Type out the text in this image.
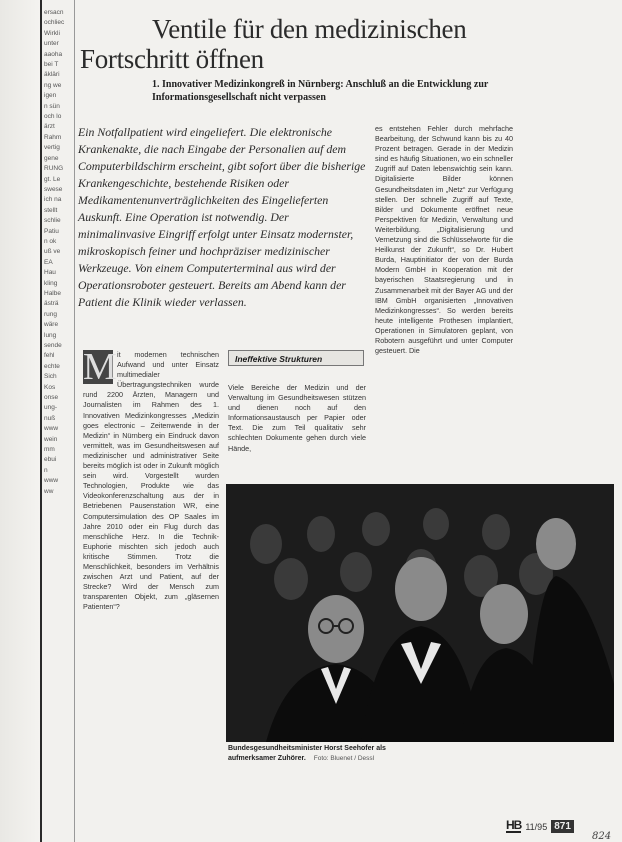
ersacn
ochliec
Wirkli
unter
aaoha
bei T
äkläri
ng we
igen
n sün
och lo
ärzt
Rahm
vertig
gene
RUNG
gt. Le
swese
ich na
stellt
schlie
Patiu
n ok
uß ve
EA
Hau
kling
Halbe
ästrä
rung
wäre
lung
sende
fehl
echte
Sich
Kos
onse
ung-
nuß
www
wein
mm
ebui
n
www
ww
Ventile für den medizinischen
Fortschritt öffnen
1. Innovativer Medizinkongreß in Nürnberg: Anschluß an die Entwicklung zur Informationsgesellschaft nicht verpassen

Ein Notfallpatient wird eingeliefert. Die elektronische Krankenakte, die nach Eingabe der Personalien auf dem Computerbildschirm erscheint, gibt sofort über die bisherige Krankengeschichte, bestehende Risiken oder Medikamentenunverträglichkeiten des Eingelieferten Auskunft. Eine Operation ist notwendig. Der minimalinvasive Eingriff erfolgt unter Einsatz modernster, mikroskopisch feiner und hochpräziser medizinischer Werkzeuge. Von einem Computerterminal aus wird der Operationsroboter gesteuert. Bereits am Abend kann der Patient die Klinik wieder verlassen.

es entstehen Fehler durch mehrfache Bearbeitung, der Schwund kann bis zu 40 Prozent betragen. Gerade in der Medizin sind es häufig Situationen, wo ein schneller Zugriff auf Daten lebenswichtig sein kann. Digitalisierte Bilder können Gesundheitsdaten im „Netz“ zur Verfügung stellen. Der schnelle Zugriff auf Texte, Bilder und Dokumente eröffnet neue Perspektiven für Medizin, Verwaltung und Weiterbildung. „Digitalisierung und Vernetzung sind die Schlüsselworte für die Heilkunst der Zukunft“, so Dr. Hubert Burda, Hauptinitiator der von der Burda Modern GmbH in Kooperation mit der bayerischen Staatsregierung und in Zusammenarbeit mit der Bayer AG und der IBM GmbH organisierten „Innovativen Medizinkongresses“. So werden bereits heute intelligente Prothesen implantiert, Operationen in Simulatoren geplant, von Robotern ausgeführt und unter Computer gesteuert. Die

M it modernen technischen Aufwand und unter Einsatz multimedialer Übertragungstechniken wurde rund 2200 Ärzten, Managern und Journalisten im Rahmen des 1. Innovativen Medizinkongresses „Medizin goes electronic – Zeitenwende in der Medizin“ in Nürnberg ein Eindruck davon vermittelt, was im Gesundheitswesen auf medizinischer und administrativer Seite bereits möglich ist oder in Zukunft möglich sein wird. Vorgestellt wurden Technologien, Produkte wie das Videokonferenzschaltung aus der in Betriebenen Pausenstation WR, eine Computersimulation des OP Saales im Jahre 2010 oder ein Flug durch das menschliche Herz. In die Technik-Euphorie mischten sich jedoch auch kritische Stimmen. Trotz die Menschlichkeit, besonders im Verhältnis zwischen Arzt und Patient, auf der Strecke? Wird der Mensch zum transparenten Objekt, zum „gläsernen Patienten“?

Ineffektive Strukturen

Viele Bereiche der Medizin und der Verwaltung im Gesundheitswesen stützen und dienen noch auf den Informationsaustausch per Papier oder Text. Die zum Teil qualitativ sehr schlechten Dokumente gehen durch viele Hände,

Bundesgesundheitsminister Horst Seehofer als aufmerksamer Zuhörer. Foto: Bluenet / Dessl
HB 11/95 871
824
